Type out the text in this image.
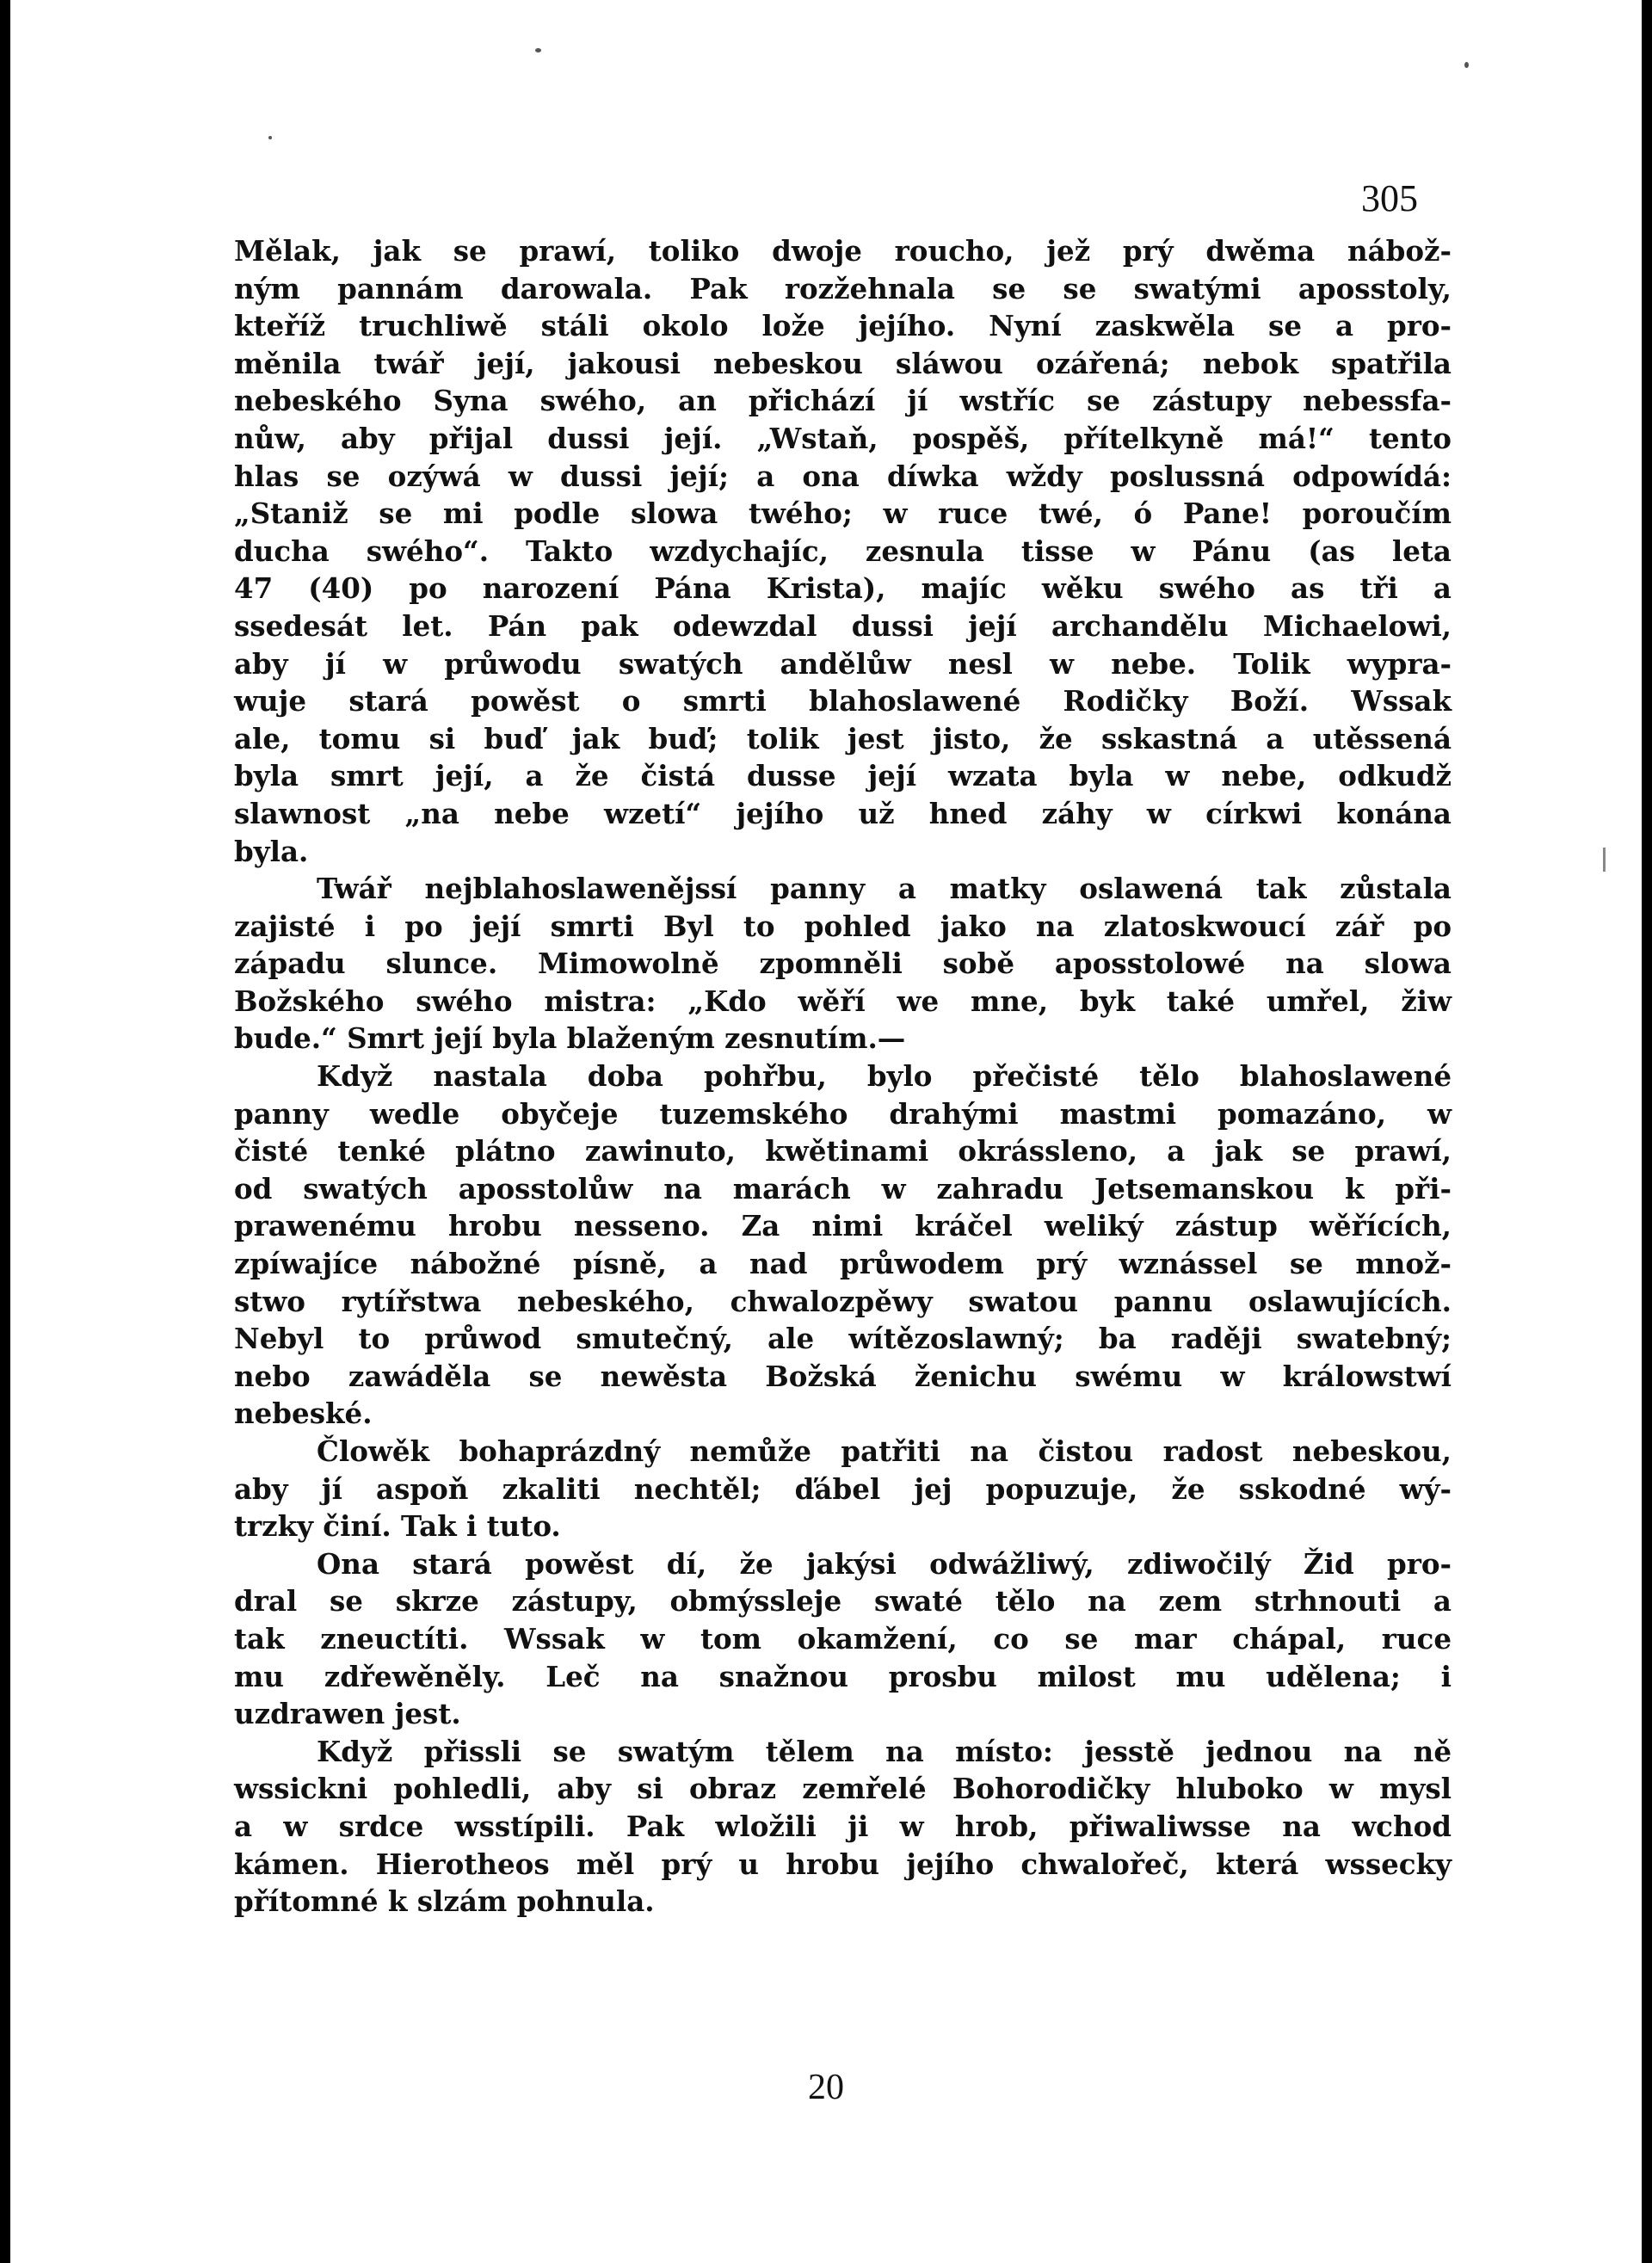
305
Mělak, jak se prawí, toliko dwoje roucho, jež prý dwěma nábož-
ným pannám darowala. Pak rozžehnala se se swatými aposstoly,
kteříž truchliwě stáli okolo lože jejího. Nyní zaskwěla se a pro-
měnila twář její, jakousi nebeskou sláwou ozářená; nebok spatřila
nebeského Syna swého, an přichází jí wstříc se zástupy nebessfa-
nůw, aby přijal dussi její. „Wstaň, pospěš, přítelkyně má!“ tento
hlas se ozýwá w dussi její; a ona díwka wždy poslussná odpowídá:
„Staniž se mi podle slowa twého; w ruce twé, ó Pane! poroučím
ducha swého“. Takto wzdychajíc, zesnula tisse w Pánu (as leta
47 (40) po narození Pána Krista), majíc wěku swého as tři a
ssedesát let. Pán pak odewzdal dussi její archandělu Michaelowi,
aby jí w průwodu swatých andělůw nesl w nebe. Tolik wypra-
wuje stará powěst o smrti blahoslawené Rodičky Boží. Wssak
ale, tomu si buď jak buď; tolik jest jisto, že sskastná a utěssená
byla smrt její, a že čistá dusse její wzata byla w nebe, odkudž
slawnost „na nebe wzetí“ jejího už hned záhy w církwi konána
byla.
Twář nejblahoslawenějssí panny a matky oslawená tak zůstala
zajisté i po její smrti Byl to pohled jako na zlatoskwoucí zář po
západu slunce. Mimowolně zpomněli sobě aposstolowé na slowa
Božského swého mistra: „Kdo wěří we mne, byk také umřel, žiw
bude.“ Smrt její byla blaženým zesnutím.—
Když nastala doba pohřbu, bylo přečisté tělo blahoslawené
panny wedle obyčeje tuzemského drahými mastmi pomazáno, w
čisté tenké plátno zawinuto, kwětinami okrássleno, a jak se prawí,
od swatých aposstolůw na marách w zahradu Jetsemanskou k při-
prawenému hrobu nesseno. Za nimi kráčel weliký zástup wěřících,
zpíwajíce nábožné písně, a nad průwodem prý wznássel se množ-
stwo rytířstwa nebeského, chwalozpěwy swatou pannu oslawujících.
Nebyl to průwod smutečný, ale wítězoslawný; ba raději swatebný;
nebo zawáděla se newěsta Božská ženichu swému w králowstwí
nebeské.
Člowěk bohaprázdný nemůže patřiti na čistou radost nebeskou,
aby jí aspoň zkaliti nechtěl; ďábel jej popuzuje, že sskodné wý-
trzky činí. Tak i tuto.
Ona stará powěst dí, že jakýsi odwážliwý, zdiwočilý Žid pro-
dral se skrze zástupy, obmýssleje swaté tělo na zem strhnouti a
tak zneuctíti. Wssak w tom okamžení, co se mar chápal, ruce
mu zdřewěněly. Leč na snažnou prosbu milost mu udělena; i
uzdrawen jest.
Když přissli se swatým tělem na místo: jesstě jednou na ně
wssickni pohledli, aby si obraz zemřelé Bohorodičky hluboko w mysl
a w srdce wsstípili. Pak wložili ji w hrob, přiwaliwsse na wchod
kámen. Hierotheos měl prý u hrobu jejího chwalořeč, která wssecky
přítomné k slzám pohnula.
20
